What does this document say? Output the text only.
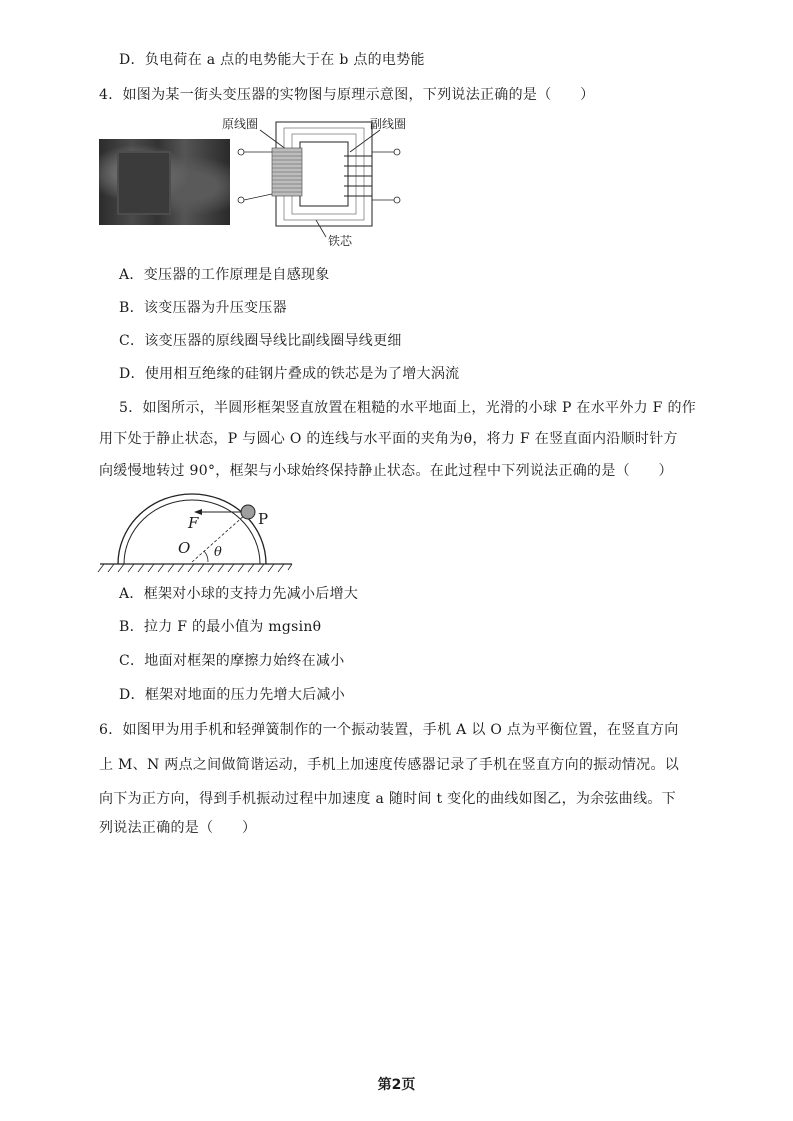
D．负电荷在 a 点的电势能大于在 b 点的电势能
4．如图为某一街头变压器的实物图与原理示意图，下列说法正确的是（　　）
原线圈	副线圈
铁芯
A．变压器的工作原理是自感现象
B．该变压器为升压变压器
C．该变压器的原线圈导线比副线圈导线更细
D．使用相互绝缘的硅钢片叠成的铁芯是为了增大涡流
5．如图所示，半圆形框架竖直放置在粗糙的水平地面上，光滑的小球 P 在水平外力 F 的作
用下处于静止状态，P 与圆心 O 的连线与水平面的夹角为θ，将力 F 在竖直面内沿顺时针方
向缓慢地转过 90°，框架与小球始终保持静止状态。在此过程中下列说法正确的是（　　）
F	P
O θ
A．框架对小球的支持力先减小后增大
B．拉力 F 的最小值为 mgsinθ
C．地面对框架的摩擦力始终在减小
D．框架对地面的压力先增大后减小
6．如图甲为用手机和轻弹簧制作的一个振动装置，手机 A 以 O 点为平衡位置，在竖直方向
上 M、N 两点之间做简谐运动，手机上加速度传感器记录了手机在竖直方向的振动情况。以
向下为正方向，得到手机振动过程中加速度 a 随时间 t 变化的曲线如图乙，为余弦曲线。下
列说法正确的是（　　）
第2页
